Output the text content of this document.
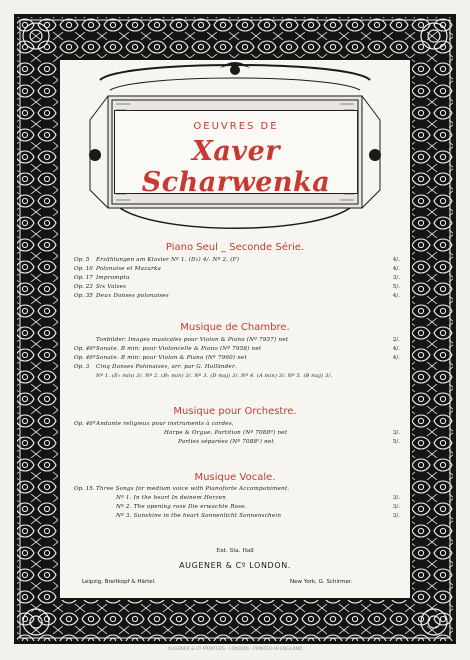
OEUVRES DE
Xaver Scharwenka
Piano Seul _ Seconde Série.
Op. 5	Erzählungen am Klavier Nº 1. (D♭) 4/. Nº 2. (F)	4/.
Op. 10 Polonaise et Mazurka	4/.
Op. 17 Impromptu	3/.
Op. 23 Six Valses	5/.
Op. 35 Deux Danses polonaises	4/.
Musique de Chambre.
Tonbilder. Images musicales pour Violon & Piano (Nº 7957) net	2/.
Op. 46ª Sonate. B min: pour Violoncelle & Piano (Nº 7958) net	4/.
Op. 46ª Sonate. B min: pour Violon & Piano (Nº 7960) net	4/.
Op. 3	Cinq Danses Polonaises, arr. par G. Holländer.
Nº 1. (E♭ min) 3/. Nº 2. (B♭ min) 3/. Nº 3. (D maj) 3/. Nº 4. (A min) 3/. Nº 5. (B maj) 3/.
Musique pour Orchestre.
Op. 46ª Andante religieux pour instruments à cordes,
Harpe & Orgue. Partition (Nº 7088ª) net	3/.
Parties séparées (Nº 7088ᵇ) net	5/.
Musique Vocale.
Op. 15. Three Songs for medium voice with Pianoforte Accompaniment.
Nº 1. In the heart In deinem Herzen	3/.
Nº 2. The opening rose Die erwachte Rose.	3/.
Nº 3. Sunshine in the heart Sonnenlicht Sonnenschein	3/.
Ent. Sta. Hall
AUGENER & Cº LONDON.
Leipzig, Breitkopf & Härtel.	New York, G. Schirmer.
AUGENER & Cº PRINTERS · LONDON · PRINTED IN ENGLAND
